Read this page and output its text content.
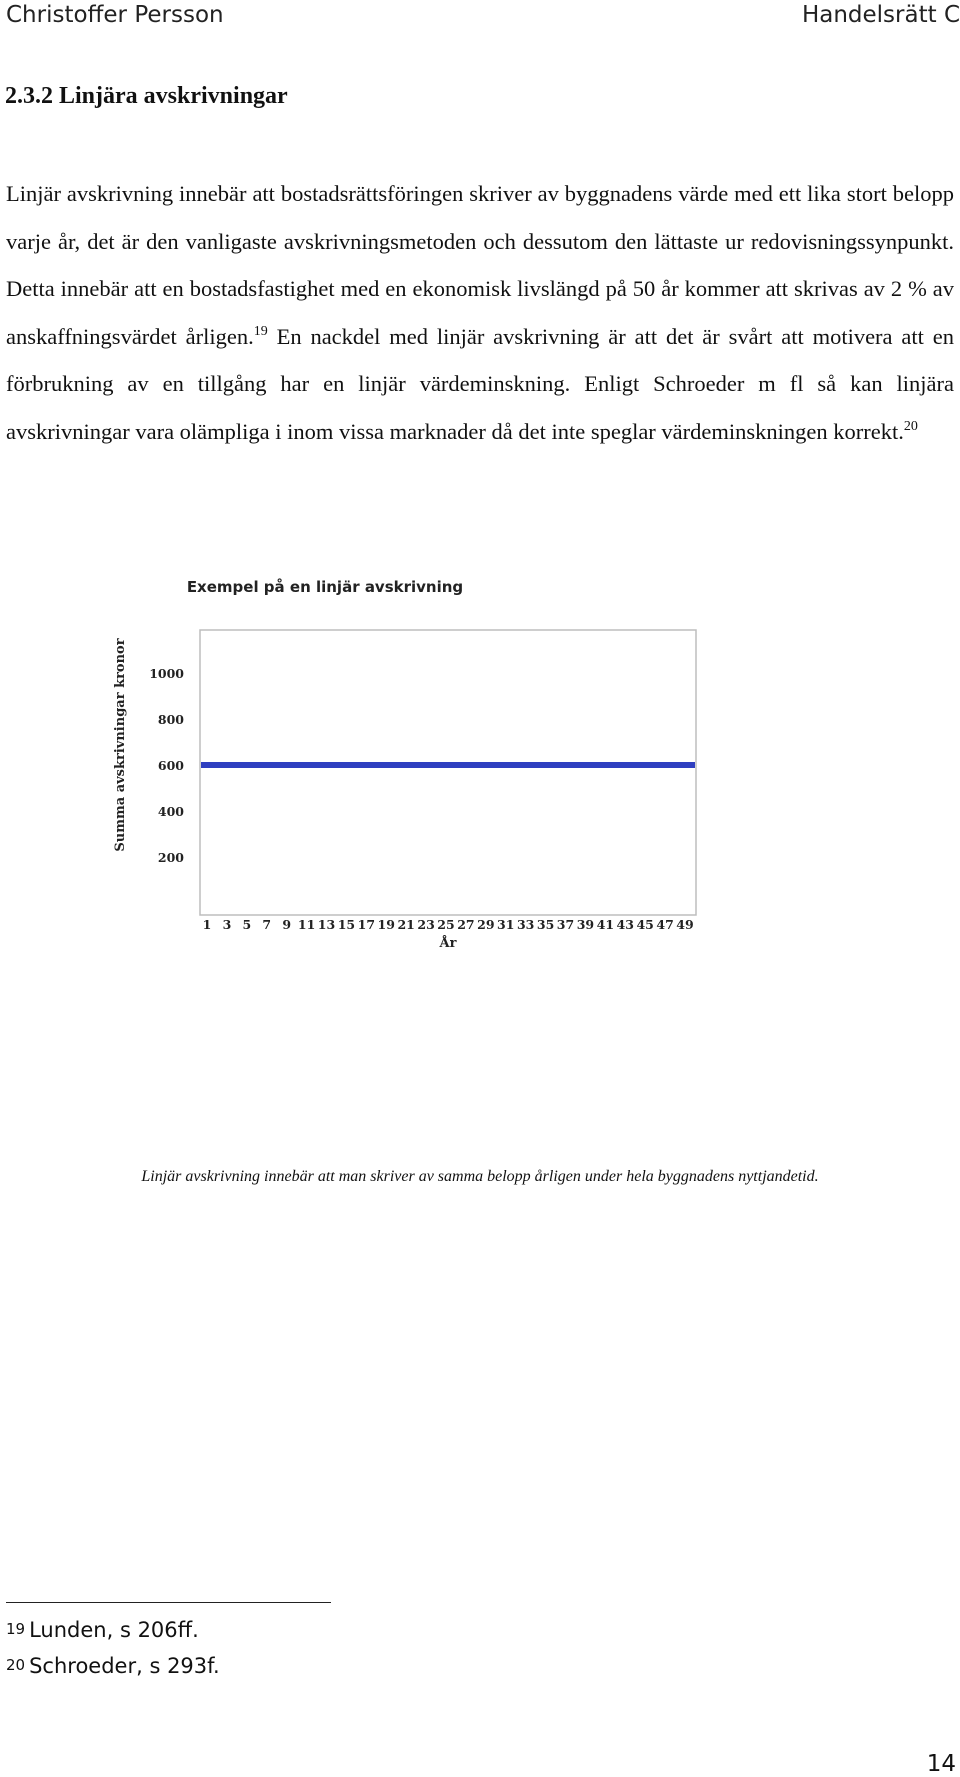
Christoffer Persson	Handelsrätt C
2.3.2 Linjära avskrivningar

Linjär avskrivning innebär att bostadsrättsföringen skriver av byggnadens värde med ett lika stort belopp varje år, det är den vanligaste avskrivningsmetoden och dessutom den lättaste ur redovisningssynpunkt. Detta innebär att en bostadsfastighet med en ekonomisk livslängd på 50 år kommer att skrivas av 2 % av anskaffningsvärdet årligen.$^{19}$ En nackdel med linjär avskrivning är att det är svårt att motivera att en förbrukning av en tillgång har en linjär värdeminskning. Enligt Schroeder m fl så kan linjära avskrivningar vara olämpliga i inom vissa marknader då det inte speglar värdeminskningen korrekt.$^{20}$

Exempel på en linjär avskrivning
Summa avskrivningar kronor 1000
800
600
400
200
1 3 5 7 9 11 13 15 17 19 21 23 25 27 29 31 33 35 37 39 41 43 45 47 49
År

Linjär avskrivning innebär att man skriver av samma belopp årligen under hela byggnadens nyttjandetid.

$^{19}$ Lunden, s 206ff.
$^{20}$ Schroeder, s 293f.
14
